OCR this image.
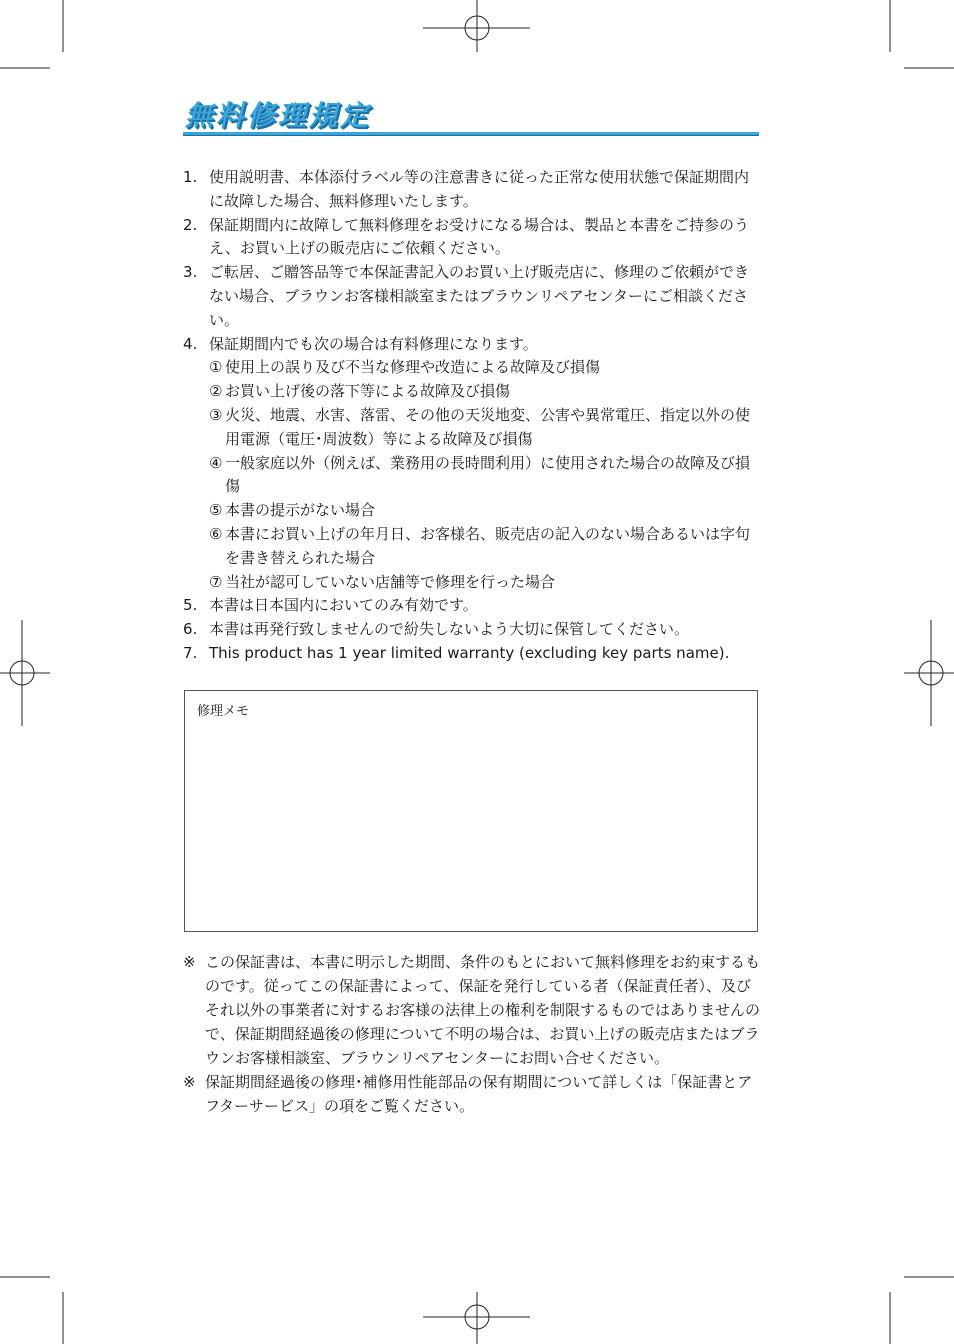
無料修理規定
1. 使用説明書、本体添付ラベル等の注意書きに従った正常な使用状態で保証期間内に故障した場合、無料修理いたします。
2. 保証期間内に故障して無料修理をお受けになる場合は、製品と本書をご持参のうえ、お買い上げの販売店にご依頼ください。
3. ご転居、ご贈答品等で本保証書記入のお買い上げ販売店に、修理のご依頼ができない場合、ブラウンお客様相談室またはブラウンリペアセンターにご相談ください。
4. 保証期間内でも次の場合は有料修理になります。
① 使用上の誤り及び不当な修理や改造による故障及び損傷
② お買い上げ後の落下等による故障及び損傷
③ 火災、地震、水害、落雷、その他の天災地変、公害や異常電圧、指定以外の使用電源（電圧･周波数）等による故障及び損傷
④ 一般家庭以外（例えば、業務用の長時間利用）に使用された場合の故障及び損傷
⑤ 本書の提示がない場合
⑥ 本書にお買い上げの年月日、お客様名、販売店の記入のない場合あるいは字句を書き替えられた場合
⑦ 当社が認可していない店舗等で修理を行った場合
5. 本書は日本国内においてのみ有効です。
6. 本書は再発行致しませんので紛失しないよう大切に保管してください。
7. This product has 1 year limited warranty (excluding key parts name).
修理メモ
※ この保証書は、本書に明示した期間、条件のもとにおいて無料修理をお約束するものです。従ってこの保証書によって、保証を発行している者（保証責任者）、及びそれ以外の事業者に対するお客様の法律上の権利を制限するものではありませんので、保証期間経過後の修理について不明の場合は、お買い上げの販売店またはブラウンお客様相談室、ブラウンリペアセンターにお問い合せください。
※ 保証期間経過後の修理･補修用性能部品の保有期間について詳しくは「保証書とアフターサービス」の項をご覧ください。
